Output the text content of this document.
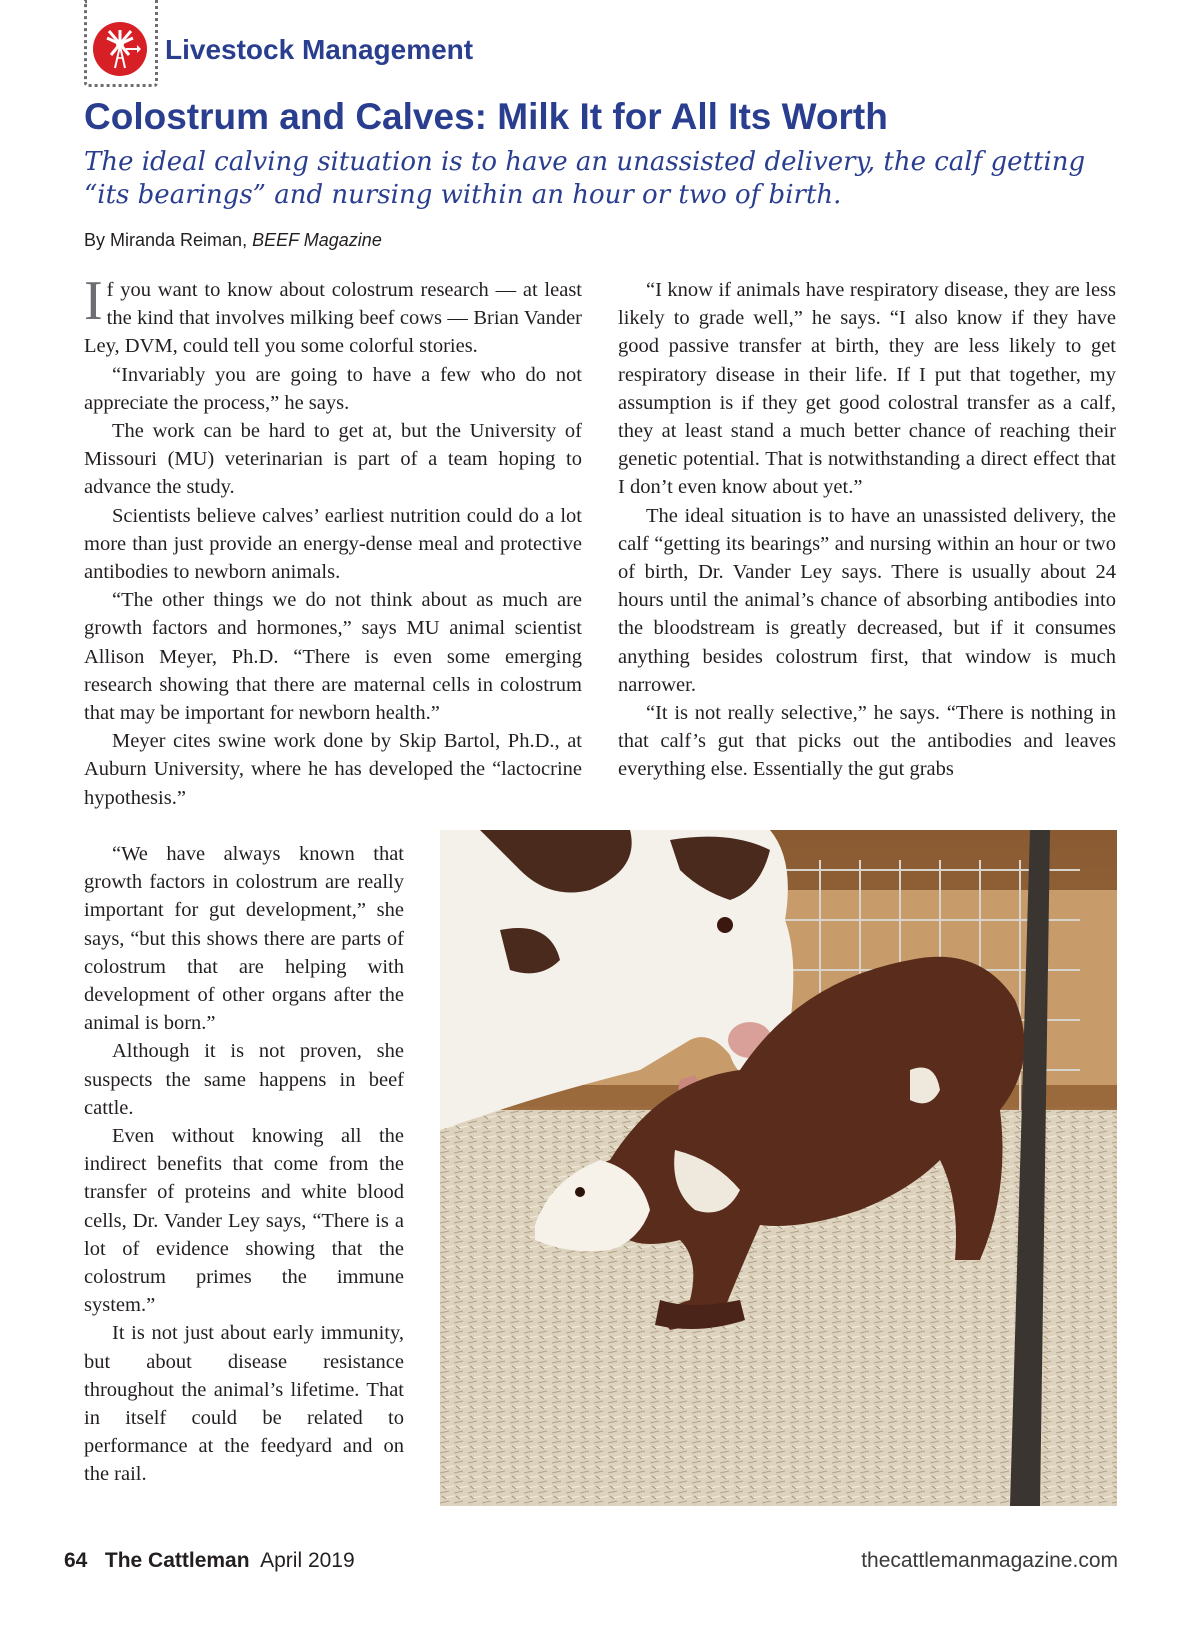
Livestock Management
Colostrum and Calves: Milk It for All Its Worth
The ideal calving situation is to have an unassisted delivery, the calf getting “its bearings” and nursing within an hour or two of birth.
By Miranda Reiman, BEEF Magazine

If you want to know about colostrum research — at least the kind that involves milking beef cows — Brian Vander Ley, DVM, could tell you some colorful stories.

“Invariably you are going to have a few who do not appreciate the process,” he says.

The work can be hard to get at, but the University of Missouri (MU) veterinarian is part of a team hoping to advance the study.

Scientists believe calves’ earliest nutrition could do a lot more than just provide an energy-dense meal and protective antibodies to newborn animals.

“The other things we do not think about as much are growth factors and hormones,” says MU animal scientist Allison Meyer, Ph.D. “There is even some emerging research showing that there are maternal cells in colostrum that may be important for newborn health.”

Meyer cites swine work done by Skip Bartol, Ph.D., at Auburn University, where he has developed the “lactocrine hypothesis.”

“We have always known that growth factors in colostrum are really important for gut development,” she says, “but this shows there are parts of colostrum that are helping with development of other organs after the animal is born.”

Although it is not proven, she suspects the same happens in beef cattle.

Even without knowing all the indirect benefits that come from the transfer of proteins and white blood cells, Dr. Vander Ley says, “There is a lot of evidence showing that the colostrum primes the immune system.”

It is not just about early immunity, but about disease resistance throughout the animal’s lifetime. That in itself could be related to performance at the feedyard and on the rail.

“I know if animals have respiratory disease, they are less likely to grade well,” he says. “I also know if they have good passive transfer at birth, they are less likely to get respiratory disease in their life. If I put that together, my assumption is if they get good colostral transfer as a calf, they at least stand a much better chance of reaching their genetic potential. That is notwithstanding a direct effect that I don’t even know about yet.”

The ideal situation is to have an unassisted delivery, the calf “getting its bearings” and nursing within an hour or two of birth, Dr. Vander Ley says. There is usually about 24 hours until the animal’s chance of absorbing antibodies into the bloodstream is greatly decreased, but if it consumes anything besides colostrum first, that window is much narrower.

“It is not really selective,” he says. “There is nothing in that calf’s gut that picks out the antibodies and leaves everything else. Essentially the gut grabs

64 The Cattleman April 2019	thecattlemanmagazine.com
